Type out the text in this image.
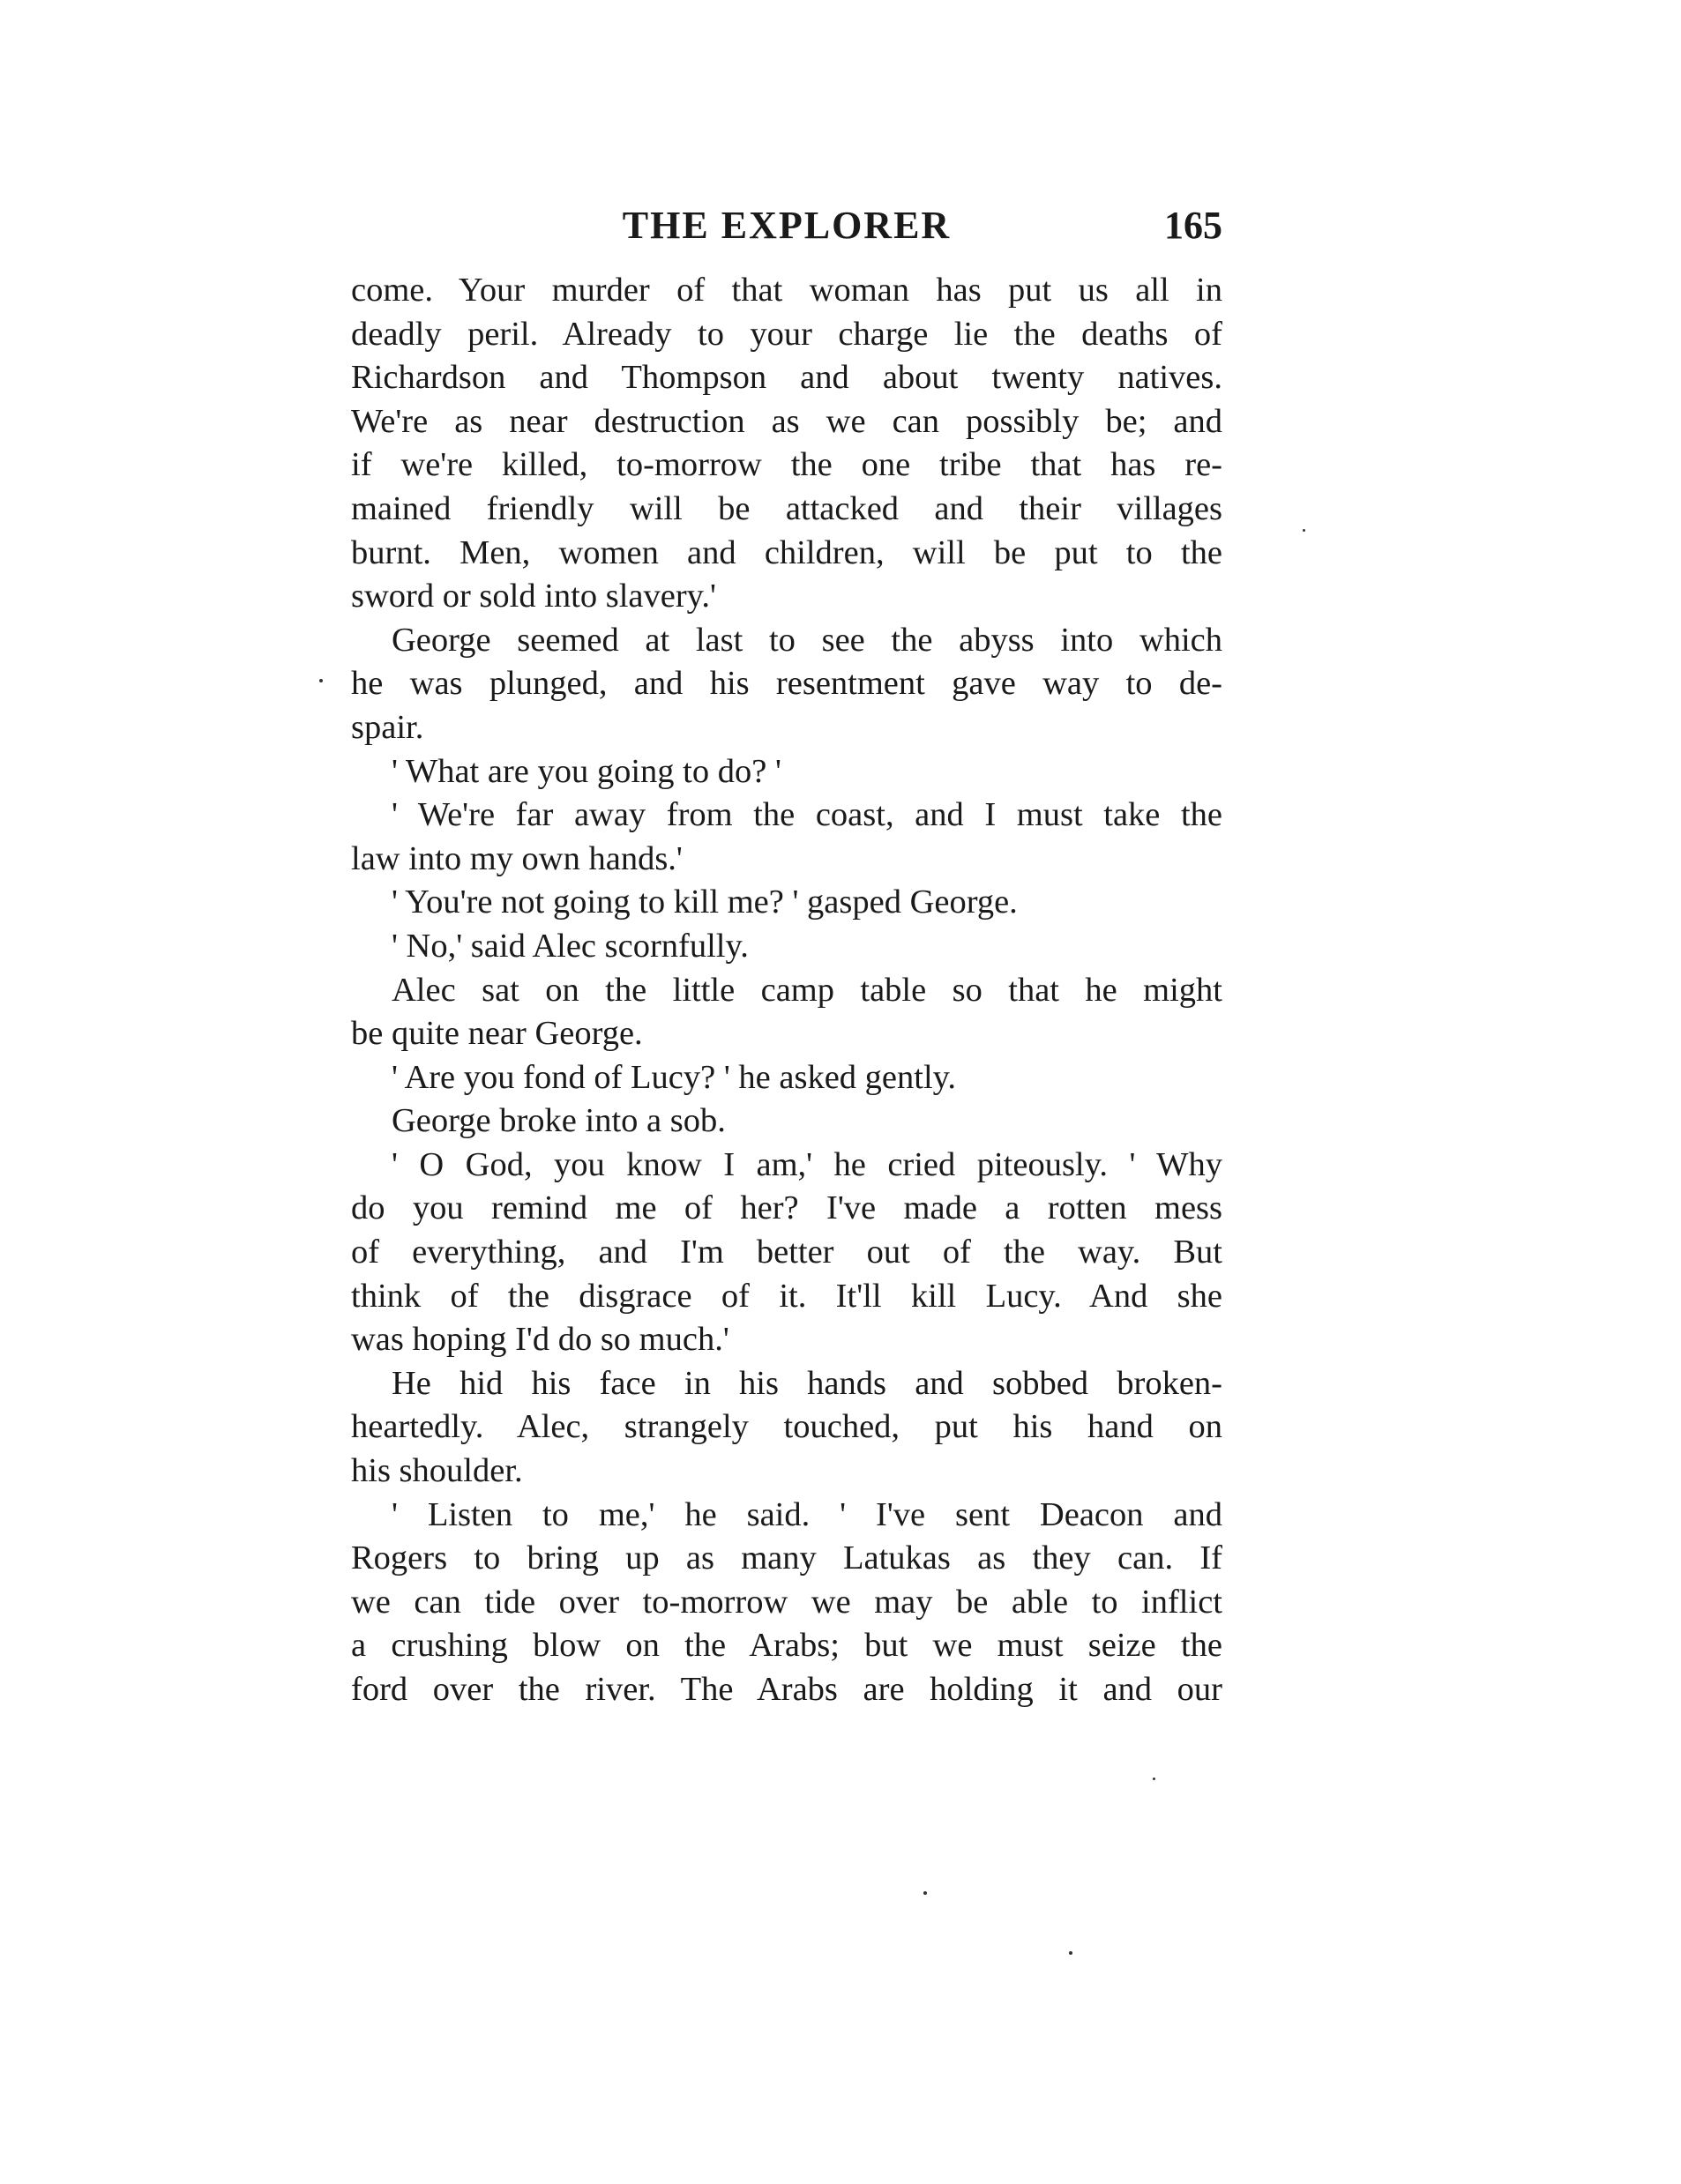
THE EXPLORER	165
come. Your murder of that woman has put us all in
deadly peril. Already to your charge lie the deaths of
Richardson and Thompson and about twenty natives.
We're as near destruction as we can possibly be; and
if we're killed, to-morrow the one tribe that has re-
mained friendly will be attacked and their villages
burnt. Men, women and children, will be put to the
sword or sold into slavery.'
George seemed at last to see the abyss into which
he was plunged, and his resentment gave way to de-
spair.
' What are you going to do? '
' We're far away from the coast, and I must take the
law into my own hands.'
' You're not going to kill me? ' gasped George.
' No,' said Alec scornfully.
Alec sat on the little camp table so that he might
be quite near George.
' Are you fond of Lucy? ' he asked gently.
George broke into a sob.
' O God, you know I am,' he cried piteously. ' Why
do you remind me of her? I've made a rotten mess
of everything, and I'm better out of the way. But
think of the disgrace of it. It'll kill Lucy. And she
was hoping I'd do so much.'
He hid his face in his hands and sobbed broken-
heartedly. Alec, strangely touched, put his hand on
his shoulder.
' Listen to me,' he said. ' I've sent Deacon and
Rogers to bring up as many Latukas as they can. If
we can tide over to-morrow we may be able to inflict
a crushing blow on the Arabs; but we must seize the
ford over the river. The Arabs are holding it and our
